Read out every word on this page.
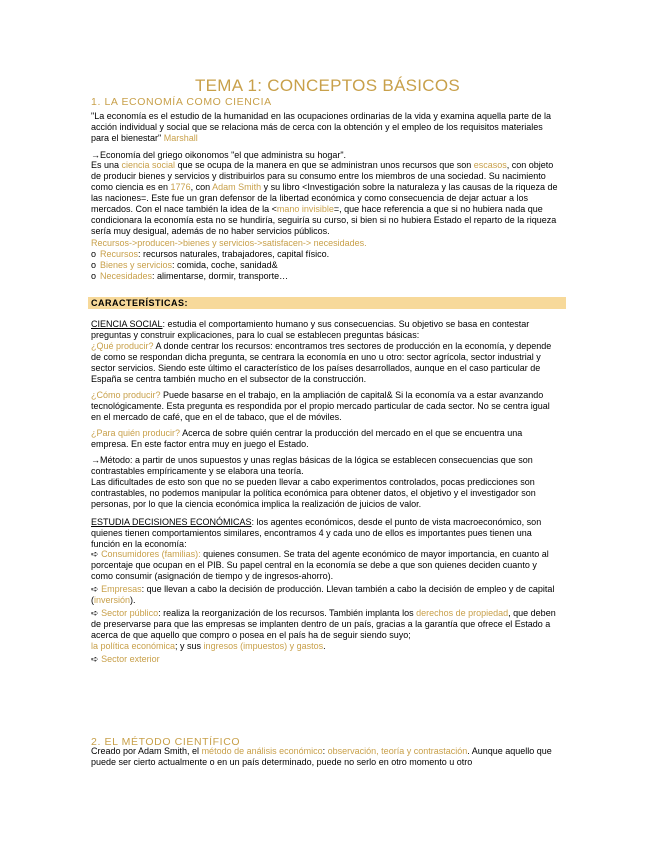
TEMA 1: CONCEPTOS BÁSICOS
1. LA ECONOMÍA COMO CIENCIA
"La economía es el estudio de la humanidad en las ocupaciones ordinarias de la vida y examina aquella parte de la acción individual y social que se relaciona más de cerca con la obtención y el empleo de los requisitos materiales para el bienestar" Marshall
→Economía del griego oikonomos "el que administra su hogar".
Es una ciencia social que se ocupa de la manera en que se administran unos recursos que son escasos, con objeto de producir bienes y servicios y distribuirlos para su consumo entre los miembros de una sociedad. Su nacimiento como ciencia es en 1776, con Adam Smith y su libro <Investigación sobre la naturaleza y las causas de la riqueza de las naciones=. Este fue un gran defensor de la libertad económica y como consecuencia de dejar actuar a los mercados. Con el nace también la idea de la <mano invisible=, que hace referencia a que si no hubiera nada que condicionara la economía esta no se hundiría, seguiría su curso, si bien si no hubiera Estado el reparto de la riqueza sería muy desigual, además de no haber servicios públicos.
Recursos->producen->bienes y servicios->satisfacen-> necesidades.
o Recursos: recursos naturales, trabajadores, capital físico.
o Bienes y servicios: comida, coche, sanidad&
o Necesidades: alimentarse, dormir, transporte…
CARACTERÍSTICAS:
CIENCIA SOCIAL: estudia el comportamiento humano y sus consecuencias. Su objetivo se basa en contestar preguntas y construir explicaciones, para lo cual se establecen preguntas básicas:
¿Qué producir? A donde centrar los recursos: encontramos tres sectores de producción en la economía, y depende de como se respondan dicha pregunta, se centrara la economía en uno u otro: sector agrícola, sector industrial y sector servicios. Siendo este último el característico de los países desarrollados, aunque en el caso particular de España se centra también mucho en el subsector de la construcción.
¿Cómo producir? Puede basarse en el trabajo, en la ampliación de capital& Si la economía va a estar avanzando tecnológicamente. Esta pregunta es respondida por el propio mercado particular de cada sector. No se centra igual en el mercado de café, que en el de tabaco, que el de móviles.
¿Para quién producir? Acerca de sobre quién centrar la producción del mercado en el que se encuentra una empresa. En este factor entra muy en juego el Estado.
→Método: a partir de unos supuestos y unas reglas básicas de la lógica se establecen consecuencias que son contrastables empíricamente y se elabora una teoría.
Las dificultades de esto son que no se pueden llevar a cabo experimentos controlados, pocas predicciones son contrastables, no podemos manipular la política económica para obtener datos, el objetivo y el investigador son personas, por lo que la ciencia económica implica la realización de juicios de valor.
ESTUDIA DECISIONES ECONÓMICAS: los agentes económicos, desde el punto de vista macroeconómico, son quienes tienen comportamientos similares, encontramos 4 y cada uno de ellos es importantes pues tienen una función en la economía:
➪ Consumidores (familias): quienes consumen. Se trata del agente económico de mayor importancia, en cuanto al porcentaje que ocupan en el PIB. Su papel central en la economía se debe a que son quienes deciden cuanto y como consumir (asignación de tiempo y de ingresos-ahorro).
➪ Empresas: que llevan a cabo la decisión de producción. Llevan también a cabo la decisión de empleo y de capital (inversión).
➪ Sector público: realiza la reorganización de los recursos. También implanta los derechos de propiedad, que deben de preservarse para que las empresas se implanten dentro de un país, gracias a la garantía que ofrece el Estado a acerca de que aquello que compro o posea en el país ha de seguir siendo suyo;
la política económica; y sus ingresos (impuestos) y gastos.
➪ Sector exterior
2. EL MÉTODO CIENTÍFICO
Creado por Adam Smith, el método de análisis económico: observación, teoría y contrastación. Aunque aquello que puede ser cierto actualmente o en un país determinado, puede no serlo en otro momento u otro
